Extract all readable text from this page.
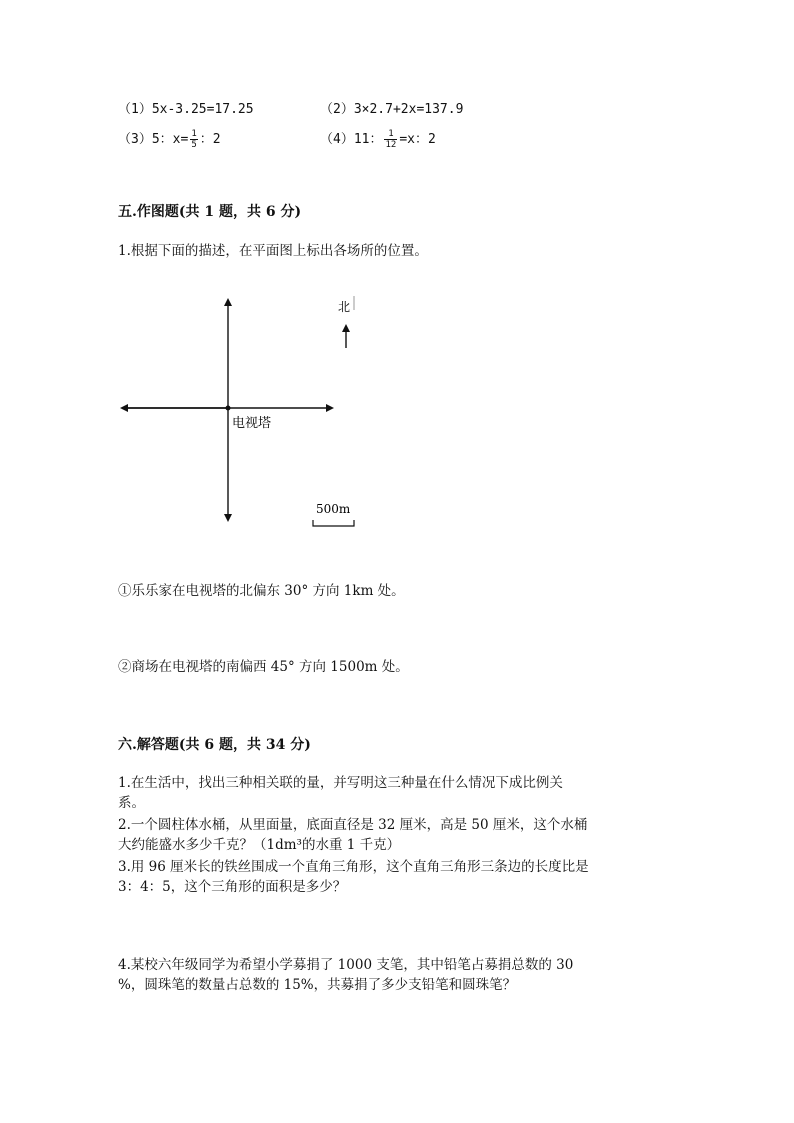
（1）5x-3.25=17.25	（2）3×2.7+2x=137.9
（3）5：$x= \frac{1}{5}$ ：2	（4）11： $\frac{1}{12} =x$：2
五.作图题(共 1 题，共 6 分)
1.根据下面的描述，在平面图上标出各场所的位置。
电视塔
北
500m
①乐乐家在电视塔的北偏东 30° 方向 1km 处。
②商场在电视塔的南偏西 45° 方向 1500m 处。
六.解答题(共 6 题，共 34 分)
1.在生活中，找出三种相关联的量，并写明这三种量在什么情况下成比例关
系。
2.一个圆柱体水桶，从里面量，底面直径是 32 厘米，高是 50 厘米，这个水桶
大约能盛水多少千克？（1dm³的水重 1 千克）
3.用 96 厘米长的铁丝围成一个直角三角形，这个直角三角形三条边的长度比是
3：4：5，这个三角形的面积是多少？
4.某校六年级同学为希望小学募捐了 1000 支笔，其中铅笔占募捐总数的 30
%，圆珠笔的数量占总数的 15%，共募捐了多少支铅笔和圆珠笔？
